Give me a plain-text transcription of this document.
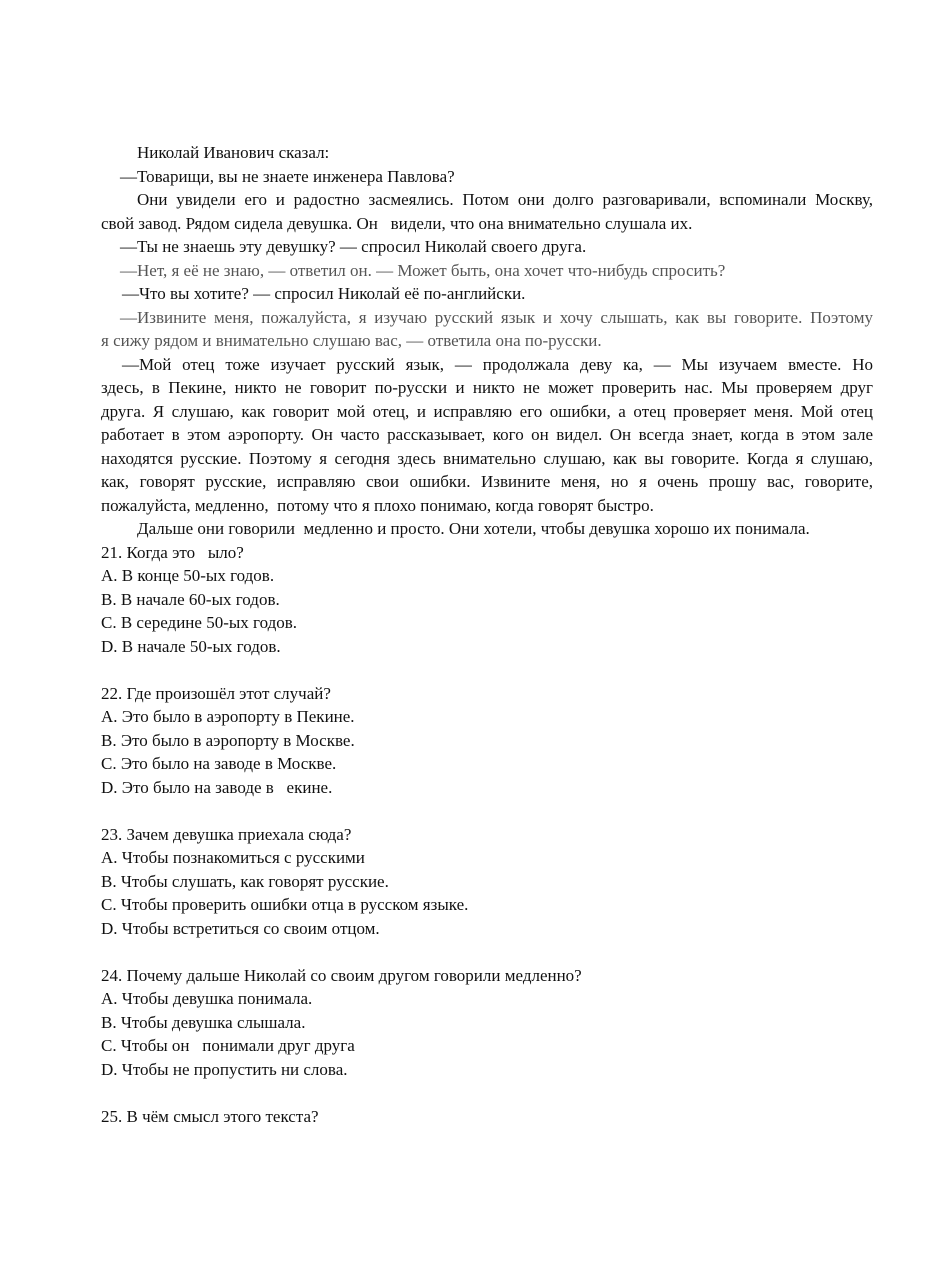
Николай Иванович сказал:
—Товарищи, вы не знаете инженера Павлова?
Они увидели его и радостно засмеялись. Потом они долго разговаривали, вспоминали Москву,
свой завод. Рядом сидела девушка. Он   видели, что она внимательно слушала их.
—Ты не знаешь эту девушку? — спросил Николай своего друга.
—Нет, я её не знаю, — ответил он. — Может быть, она хочет что-нибудь спросить?
—Что вы хотите? — спросил Николай её по-английски.
—Извините меня, пожалуйста, я изучаю русский язык и хочу слышать, как вы говорите. Поэтому
я сижу рядом и внимательно слушаю вас, — ответила она по-русски.
—Мой отец тоже изучает русский язык, — продолжала деву ка, — Мы изучаем вместе. Но
здесь, в Пекине, никто не говорит по-русски и никто не может проверить нас. Мы проверяем друг
друга. Я слушаю, как говорит мой отец, и исправляю его ошибки, а отец проверяет меня. Мой отец
работает в этом аэропорту. Он часто рассказывает, кого он видел. Он всегда знает, когда в этом зале
находятся русские. Поэтому я сегодня здесь внимательно слушаю, как вы говорите. Когда я слушаю,
как, говорят русские, исправляю свои ошибки. Извините меня, но я очень прошу вас, говорите,
пожалуйста, медленно,  потому что я плохо понимаю, когда говорят быстро.
Дальше они говорили  медленно и просто. Они хотели, чтобы девушка хорошо их понимала.
21. Когда это   ыло?
A. В конце 50-ых годов.
B. В начале 60-ых годов.
C. В середине 50-ых годов.
D. В начале 50-ых годов.
22. Где произошёл этот случай?
A. Это было в аэропорту в Пекине.
B. Это было в аэропорту в Москве.
C. Это было на заводе в Москве.
D. Это было на заводе в   екине.
23. Зачем девушка приехала сюда?
A. Чтобы познакомиться с русскими
B. Чтобы слушать, как говорят русские.
C. Чтобы проверить ошибки отца в русском языке.
D. Чтобы встретиться со своим отцом.
24. Почему дальше Николай со своим другом говорили медленно?
A. Чтобы девушка понимала.
B. Чтобы девушка слышала.
C. Чтобы он   понимали друг друга
D. Чтобы не пропустить ни слова.
25. В чём смысл этого текста?
